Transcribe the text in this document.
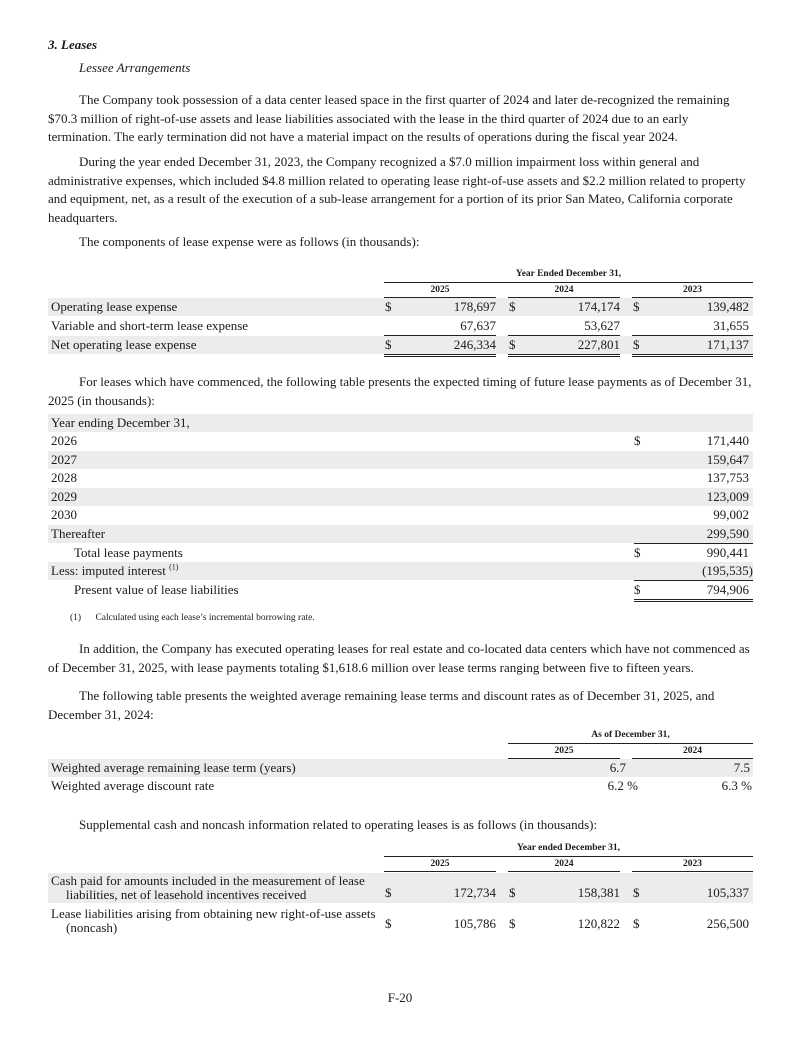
3. Leases
Lessee Arrangements

The Company took possession of a data center leased space in the first quarter of 2024 and later de-recognized the remaining $70.3 million of right-of-use assets and lease liabilities associated with the lease in the third quarter of 2024 due to an early termination. The early termination did not have a material impact on the results of operations during the fiscal year 2024.

During the year ended December 31, 2023, the Company recognized a $7.0 million impairment loss within general and administrative expenses, which included $4.8 million related to operating lease right-of-use assets and $2.2 million related to property and equipment, net, as a result of the execution of a sub-lease arrangement for a portion of its prior San Mateo, California corporate headquarters.

The components of lease expense were as follows (in thousands):

Year Ended December 31,
2025	2024	2023
Operating lease expense	$	178,697 $	174,174 $	139,482
Variable and short-term lease expense	67,637	53,627	31,655
Net operating lease expense	$	246,334 $	227,801 $	171,137

For leases which have commenced, the following table presents the expected timing of future lease payments as of December 31, 2025 (in thousands):

Year ending December 31,
2026	$	171,440
2027	159,647
2028	137,753
2029	123,009
2030	99,002
Thereafter	299,590
Total lease payments	$	990,441
Less: imputed interest $^{(1)}$	(195,535)
Present value of lease liabilities	$	794,906
(1) Calculated using each lease’s incremental borrowing rate.

In addition, the Company has executed operating leases for real estate and co-located data centers which have not commenced as of December 31, 2025, with lease payments totaling $1,618.6 million over lease terms ranging between five to fifteen years.

The following table presents the weighted average remaining lease terms and discount rates as of December 31, 2025, and December 31, 2024:

As of December 31,
2025	2024
Weighted average remaining lease term (years)	6.7	7.5
Weighted average discount rate	6.2 %	6.3 %

Supplemental cash and noncash information related to operating leases is as follows (in thousands):

Year ended December 31,
2025	2024	2023
Cash paid for amounts included in the measurement of lease
liabilities, net of leasehold incentives received	$	172,734 $	158,381 $	105,337
Lease liabilities arising from obtaining new right-of-use assets
(noncash)	$	105,786 $	120,822 $	256,500
F-20
